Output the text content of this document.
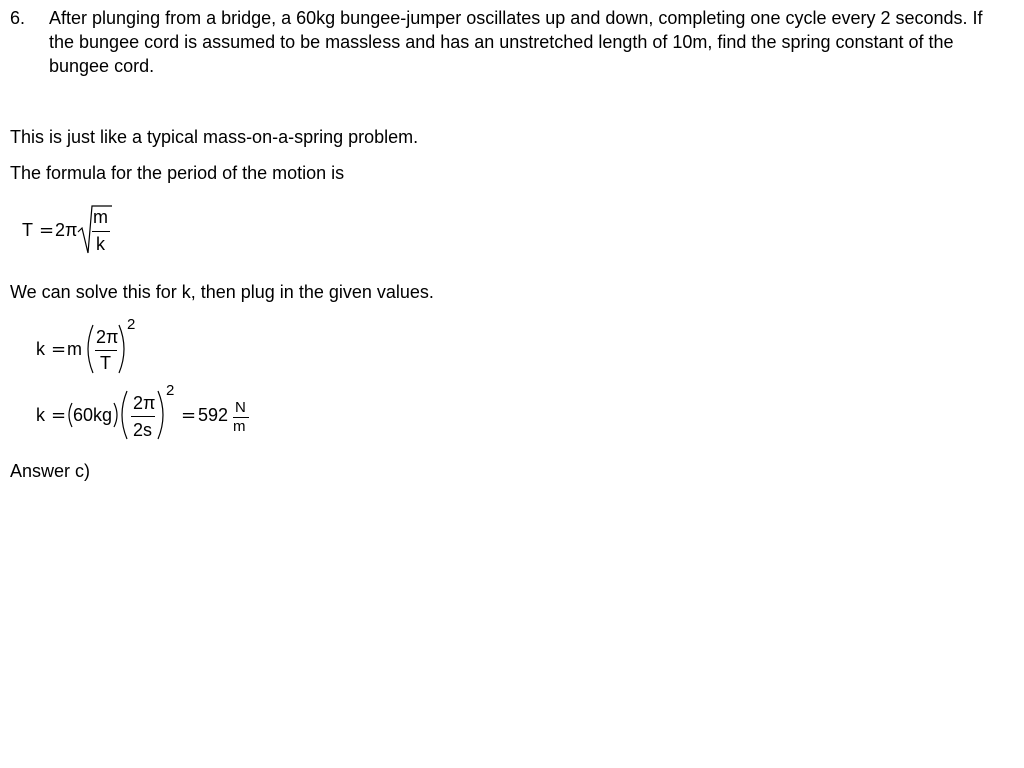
6. After plunging from a bridge, a 60kg bungee-jumper oscillates up and down, completing one cycle every 2 seconds. If the bungee cord is assumed to be massless and has an unstretched length of 10m, find the spring constant of the bungee cord.
This is just like a typical mass-on-a-spring problem.
The formula for the period of the motion is
T = 2π
m
k
We can solve this for k, then plug in the given values.
k = m
2π
T
2
k = 60kg
2π
2s
2
= 592 N
m
Answer c)
